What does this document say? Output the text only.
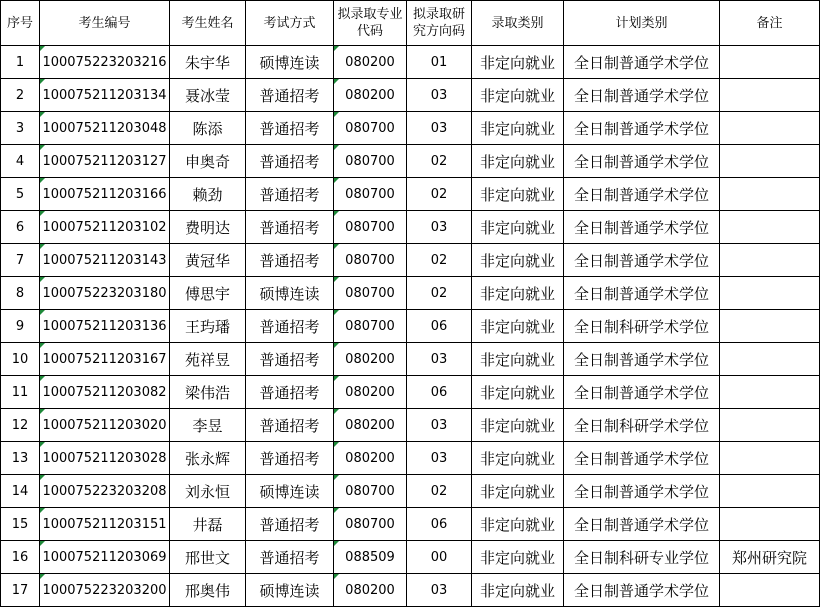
序号	考生编号	考生姓名	考试方式	拟录取专业代码	拟录取研究方向码	录取类别	计划类别	备注
1	100075223203216	朱宇华	硕博连读	080200	01	非定向就业	全日制普通学术学位	
2	100075211203134	聂冰莹	普通招考	080200	03	非定向就业	全日制普通学术学位	
3	100075211203048	陈添	普通招考	080700	03	非定向就业	全日制普通学术学位	
4	100075211203127	申奥奇	普通招考	080700	02	非定向就业	全日制普通学术学位	
5	100075211203166	赖劲	普通招考	080700	02	非定向就业	全日制普通学术学位	
6	100075211203102	费明达	普通招考	080700	03	非定向就业	全日制普通学术学位	
7	100075211203143	黄冠华	普通招考	080700	02	非定向就业	全日制普通学术学位	
8	100075223203180	傅思宇	硕博连读	080700	02	非定向就业	全日制普通学术学位	
9	100075211203136	王玙璠	普通招考	080700	06	非定向就业	全日制科研学术学位	
10	100075211203167	苑祥昱	普通招考	080200	03	非定向就业	全日制普通学术学位	
11	100075211203082	梁伟浩	普通招考	080200	06	非定向就业	全日制普通学术学位	
12	100075211203020	李昱	普通招考	080200	03	非定向就业	全日制科研学术学位	
13	100075211203028	张永辉	普通招考	080200	03	非定向就业	全日制普通学术学位	
14	100075223203208	刘永恒	硕博连读	080700	02	非定向就业	全日制普通学术学位	
15	100075211203151	井磊	普通招考	080700	06	非定向就业	全日制普通学术学位	
16	100075211203069	邢世文	普通招考	088509	00	非定向就业	全日制科研专业学位	郑州研究院
17	100075223203200	邢奥伟	硕博连读	080200	03	非定向就业	全日制普通学术学位	
